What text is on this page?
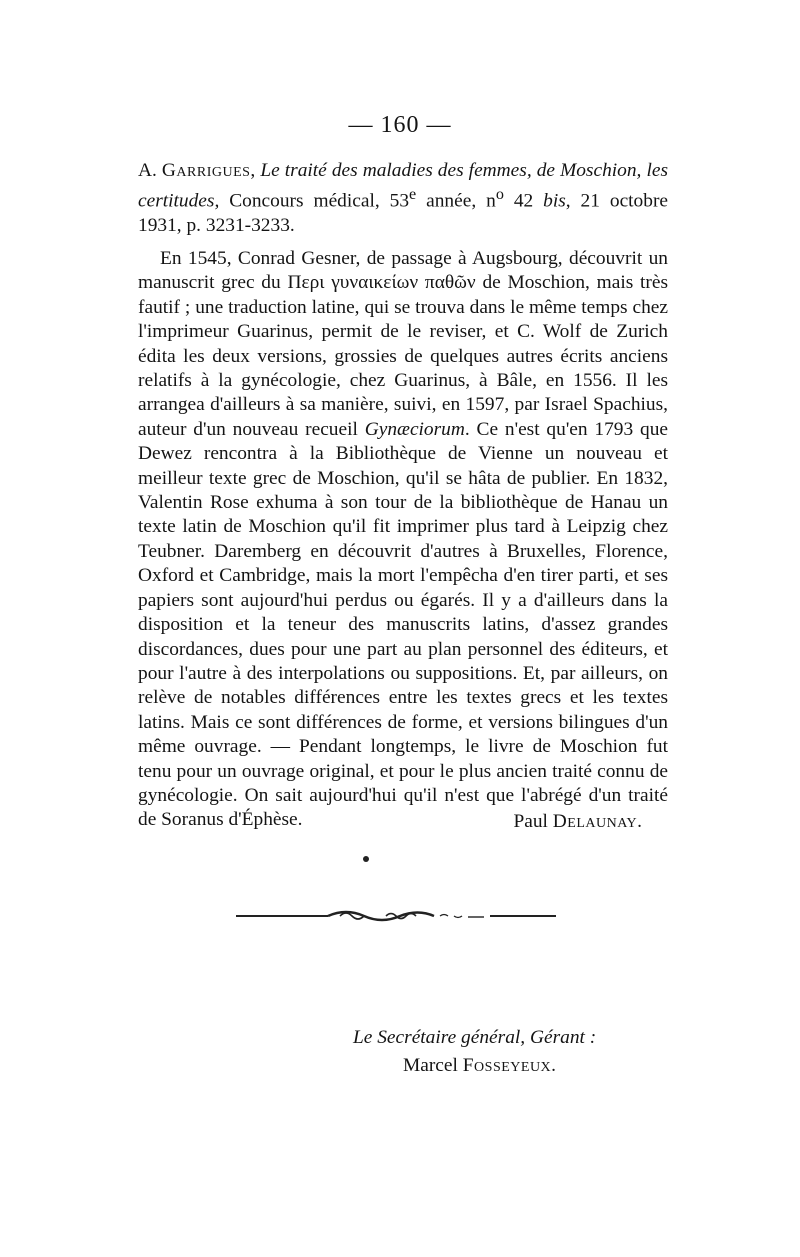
— 160 —

A. Garrigues, Le traité des maladies des femmes, de Moschion, les certitudes, Concours médical, 53e année, $n^o$ 42 bis, 21 octobre 1931, p. 3231-3233.

En 1545, Conrad Gesner, de passage à Augsbourg, découvrit un manuscrit grec du Περι γυναικείων παθῶν de Moschion, mais très fautif ; une traduction latine, qui se trouva dans le même temps chez l'imprimeur Guarinus, permit de le reviser, et C. Wolf de Zurich édita les deux versions, grossies de quelques autres écrits anciens relatifs à la gynécologie, chez Guarinus, à Bâle, en 1556. Il les arrangea d'ailleurs à sa manière, suivi, en 1597, par Israel Spachius, auteur d'un nouveau recueil Gynæciorum. Ce n'est qu'en 1793 que Dewez rencontra à la Bibliothèque de Vienne un nouveau et meilleur texte grec de Moschion, qu'il se hâta de publier. En 1832, Valentin Rose exhuma à son tour de la bibliothèque de Hanau un texte latin de Moschion qu'il fit imprimer plus tard à Leipzig chez Teubner. Daremberg en découvrit d'autres à Bruxelles, Florence, Oxford et Cambridge, mais la mort l'empêcha d'en tirer parti, et ses papiers sont aujourd'hui perdus ou égarés. Il y a d'ailleurs dans la disposition et la teneur des manuscrits latins, d'assez grandes discordances, dues pour une part au plan personnel des éditeurs, et pour l'autre à des interpolations ou suppositions. Et, par ailleurs, on relève de notables différences entre les textes grecs et les textes latins. Mais ce sont différences de forme, et versions bilingues d'un même ouvrage. — Pendant longtemps, le livre de Moschion fut tenu pour un ouvrage original, et pour le plus ancien traité connu de gynécologie. On sait aujourd'hui qu'il n'est que l'abrégé d'un traité de Soranus d'Éphèse.	Paul Delaunay.
Le Secrétaire général, Gérant :
Marcel Fosseyeux.
